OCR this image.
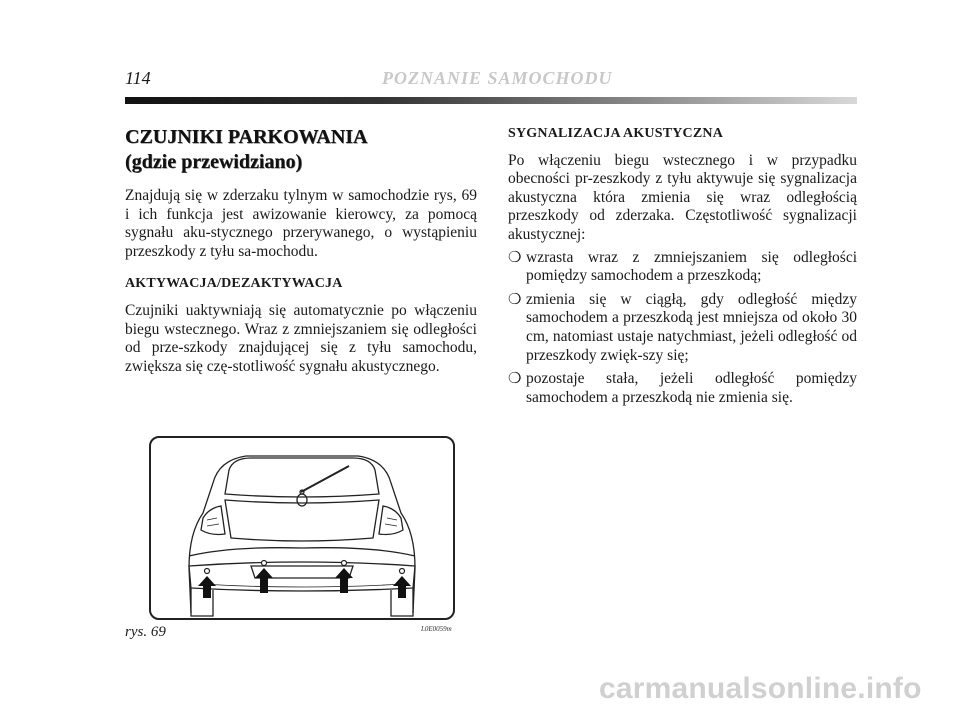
114	POZNANIE SAMOCHODU
CZUJNIKI PARKOWANIA
(gdzie przewidziano)

Znajdują się w zderzaku tylnym w samochodzie rys, 69 i ich funkcja jest awizowanie kierowcy, za pomocą sygnału aku-stycznego przerywanego, o wystąpieniu przeszkody z tyłu sa-mochodu.

AKTYWACJA/DEZAKTYWACJA

Czujniki uaktywniają się automatycznie po włączeniu biegu wstecznego. Wraz z zmniejszaniem się odległości od prze-szkody znajdującej się z tyłu samochodu, zwiększa się czę-stotliwość sygnału akustycznego.

SYGNALIZACJA AKUSTYCZNA

Po włączeniu biegu wstecznego i w przypadku obecności pr-zeszkody z tyłu aktywuje się sygnalizacja akustyczna która zmienia się wraz odległością przeszkody od zderzaka. Częstotliwość sygnalizacji akustycznej:

❍ wzrasta wraz z zmniejszaniem się odległości pomiędzy samochodem a przeszkodą;
❍ zmienia się w ciągłą, gdy odległość między samochodem a przeszkodą jest mniejsza od około 30 cm, natomiast ustaje natychmiast, jeżeli odległość od przeszkody zwięk-szy się;
❍ pozostaje stała, jeżeli odległość pomiędzy samochodem a przeszkodą nie zmienia się.
rys. 69	L0E0059m
carmanualsonline.info
